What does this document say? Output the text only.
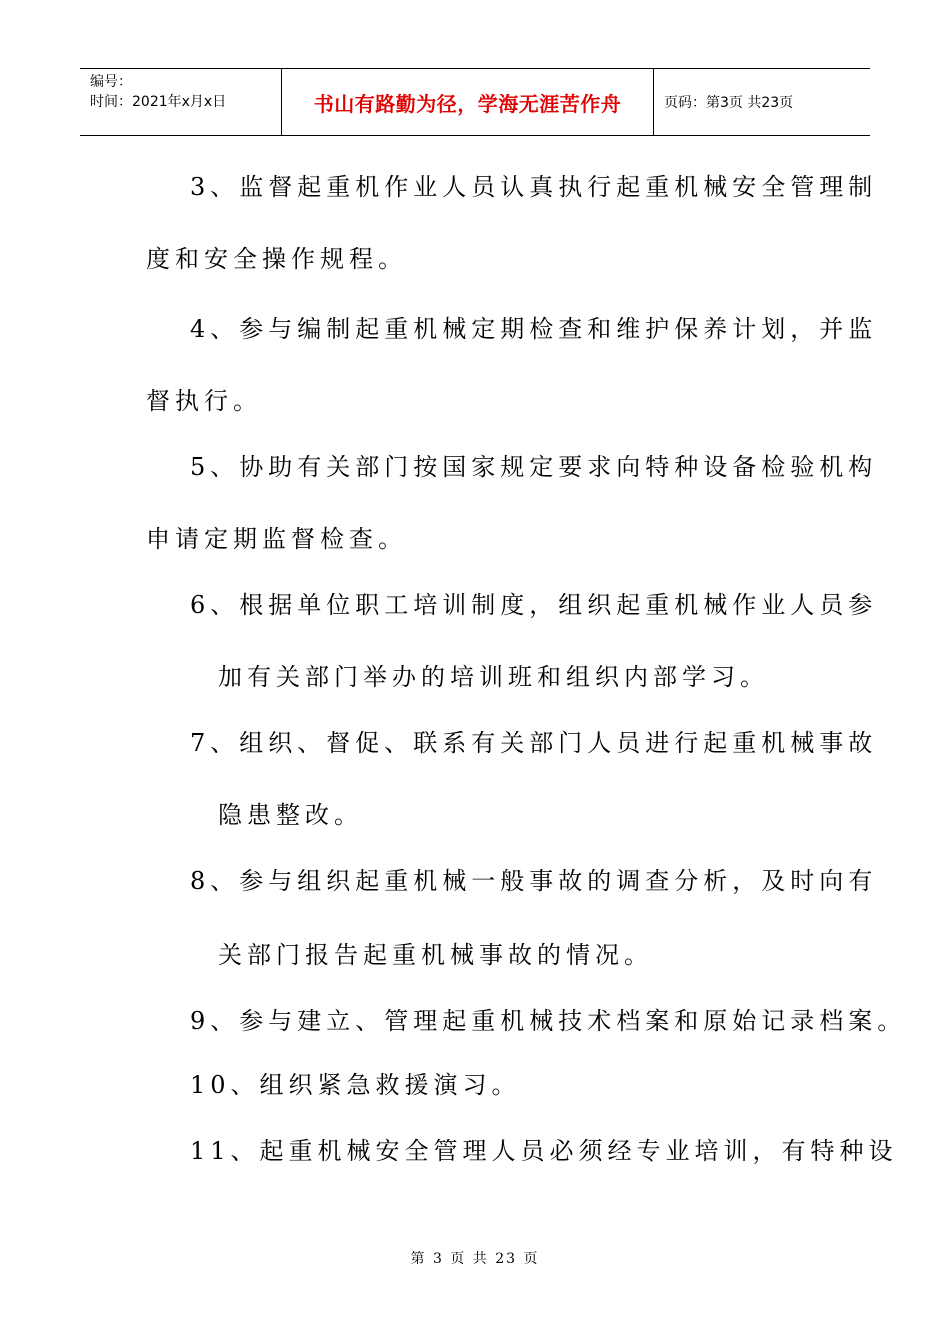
编号：
时间：2021年x月x日	书山有路勤为径，学海无涯苦作舟	页码：第3页 共23页

3、监督起重机作业人员认真执行起重机械安全管理制

度和安全操作规程。

4、参与编制起重机械定期检查和维护保养计划，并监

督执行。

5、协助有关部门按国家规定要求向特种设备检验机构

申请定期监督检查。

6、根据单位职工培训制度，组织起重机械作业人员参

加有关部门举办的培训班和组织内部学习。

7、组织、督促、联系有关部门人员进行起重机械事故

隐患整改。

8、参与组织起重机械一般事故的调查分析，及时向有

关部门报告起重机械事故的情况。

9、参与建立、管理起重机械技术档案和原始记录档案。

10、组织紧急救援演习。

11、起重机械安全管理人员必须经专业培训，有特种设

第 3 页 共 23 页
